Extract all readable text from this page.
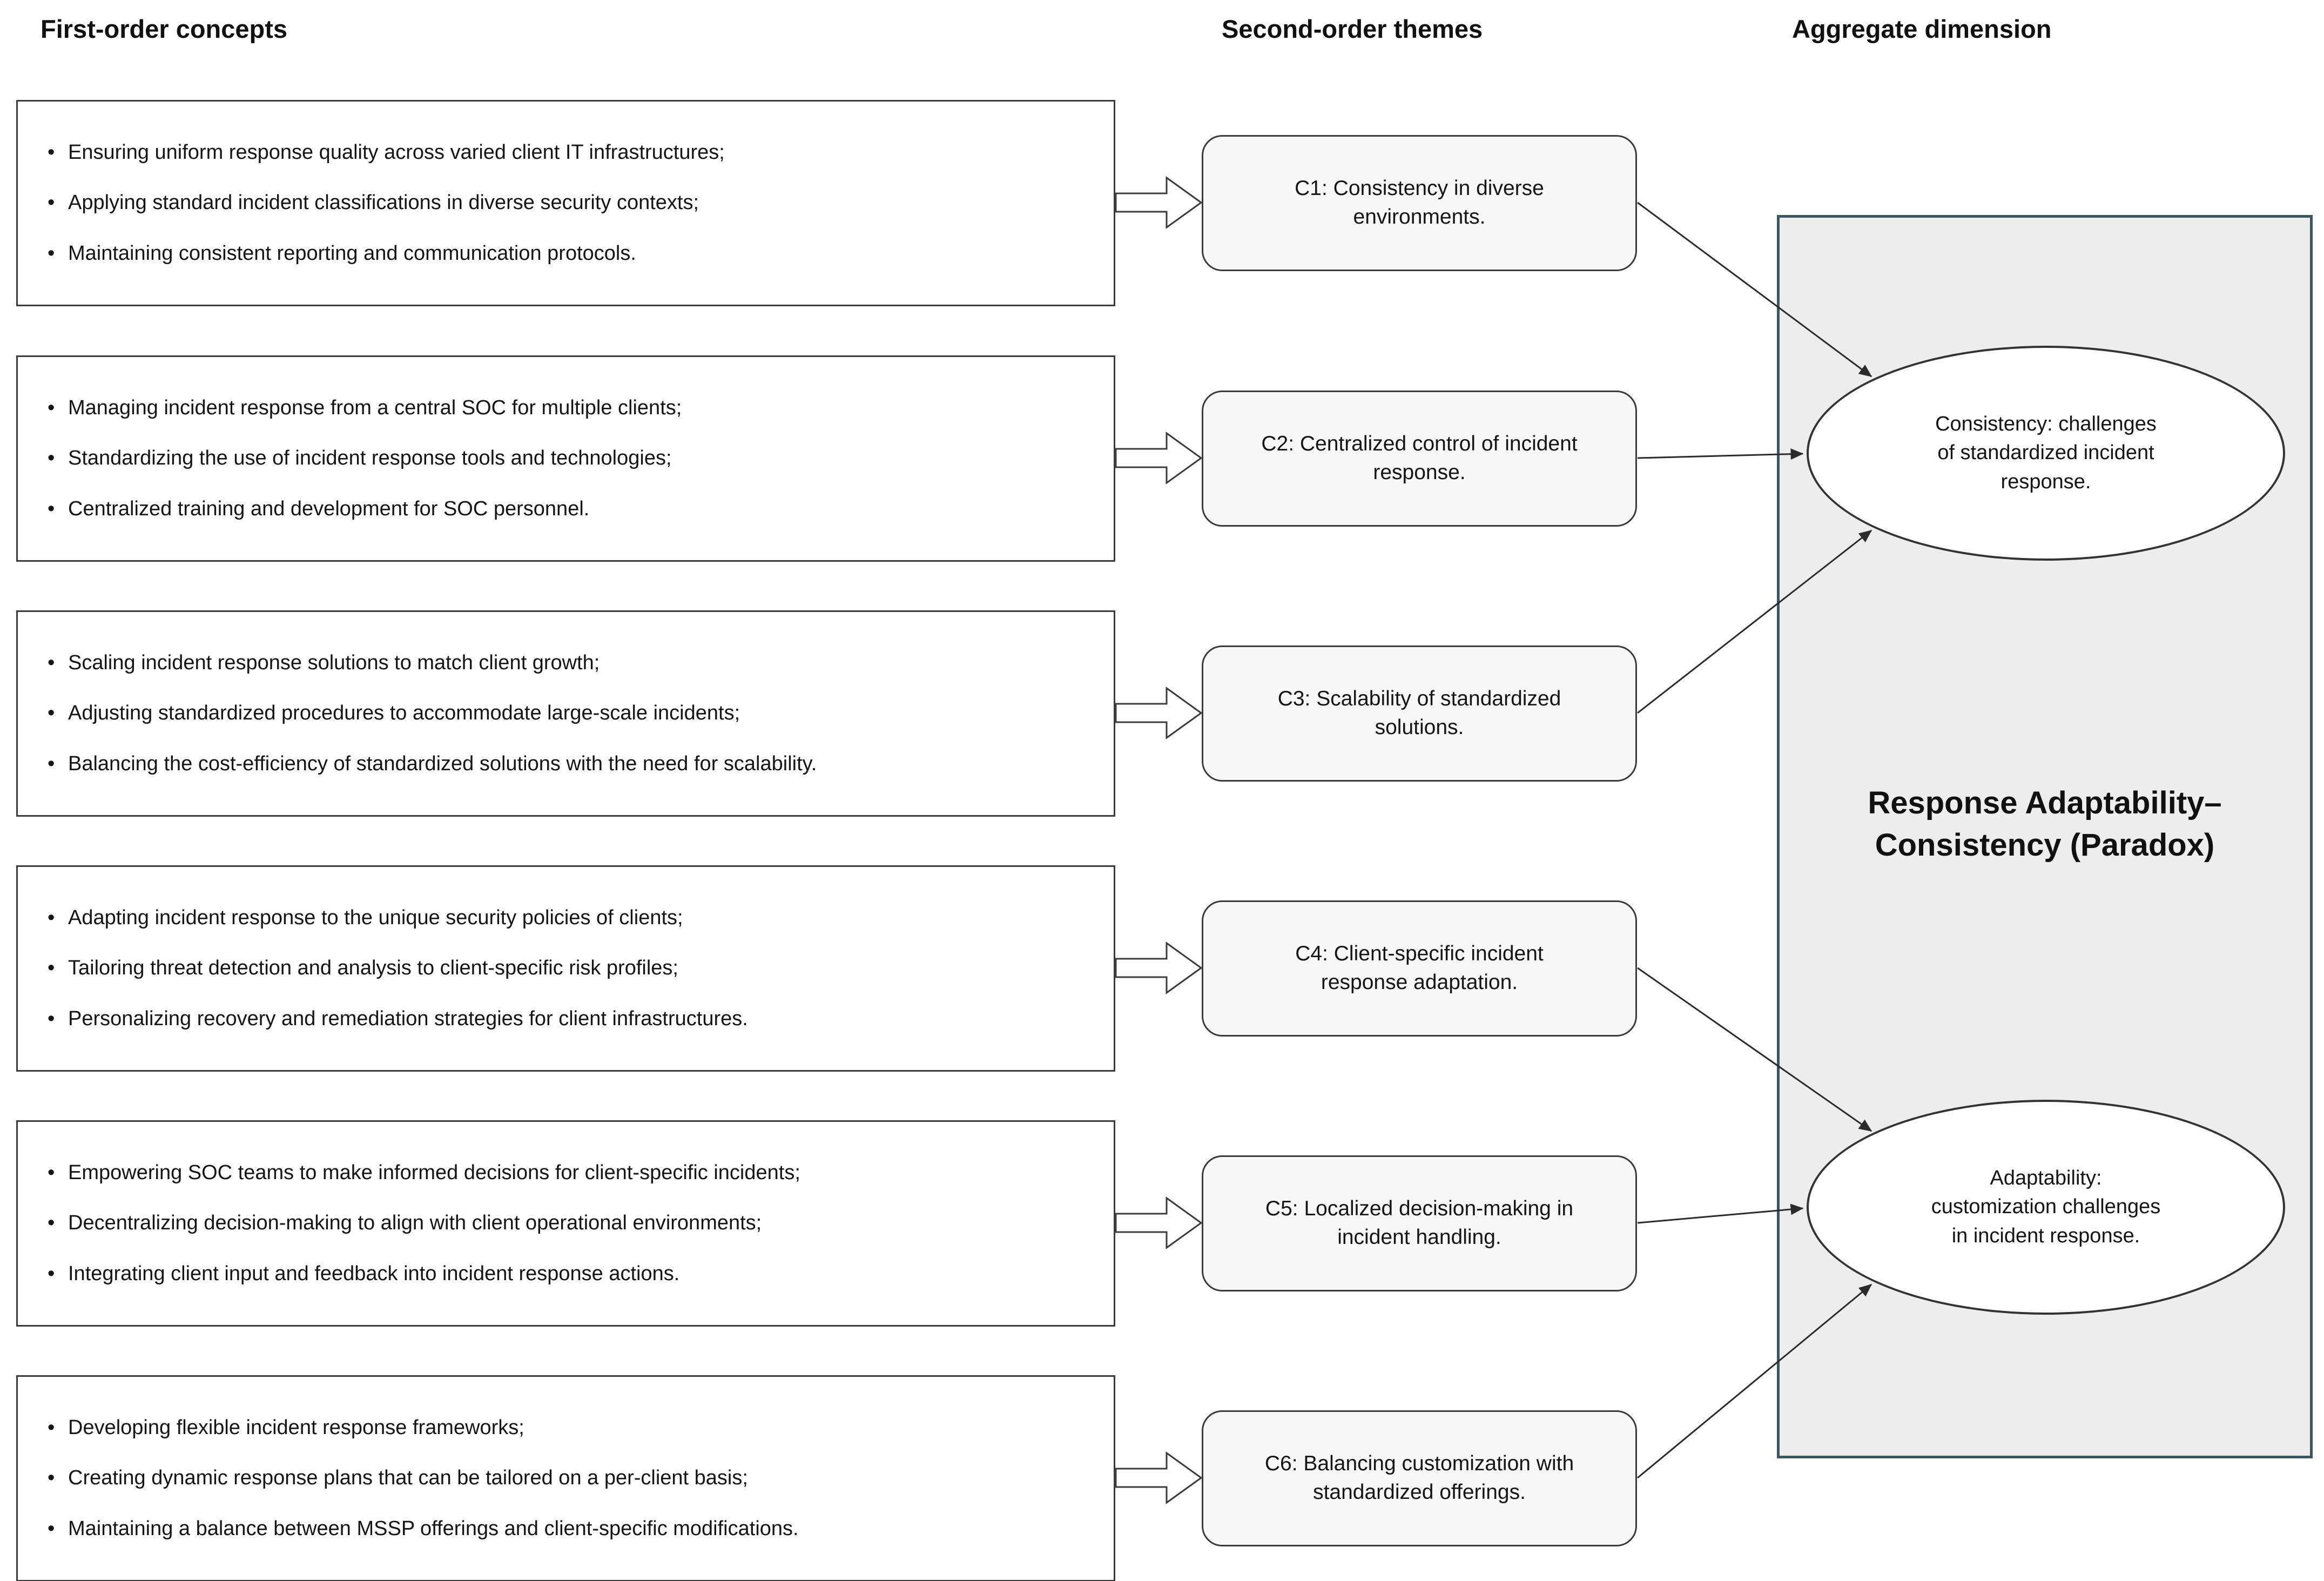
First-order concepts	Second-order themes	Aggregate dimension
• Ensuring uniform response quality across varied client IT infrastructures;
• Applying standard incident classifications in diverse security contexts;
• Maintaining consistent reporting and communication protocols.
• Managing incident response from a central SOC for multiple clients;
• Standardizing the use of incident response tools and technologies;
• Centralized training and development for SOC personnel.
• Scaling incident response solutions to match client growth;
• Adjusting standardized procedures to accommodate large-scale incidents;
• Balancing the cost-efficiency of standardized solutions with the need for scalability.
• Adapting incident response to the unique security policies of clients;
• Tailoring threat detection and analysis to client-specific risk profiles;
• Personalizing recovery and remediation strategies for client infrastructures.
• Empowering SOC teams to make informed decisions for client-specific incidents;
• Decentralizing decision-making to align with client operational environments;
• Integrating client input and feedback into incident response actions.
• Developing flexible incident response frameworks;
• Creating dynamic response plans that can be tailored on a per-client basis;
• Maintaining a balance between MSSP offerings and client-specific modifications.
C1: Consistency in diverse environments.
C2: Centralized control of incident response.
C3: Scalability of standardized solutions.
C4: Client-specific incident response adaptation.
C5: Localized decision-making in incident handling.
C6: Balancing customization with standardized offerings.
Response Adaptability–Consistency (Paradox)
Consistency: challenges of standardized incident response.
Adaptability: customization challenges in incident response.
